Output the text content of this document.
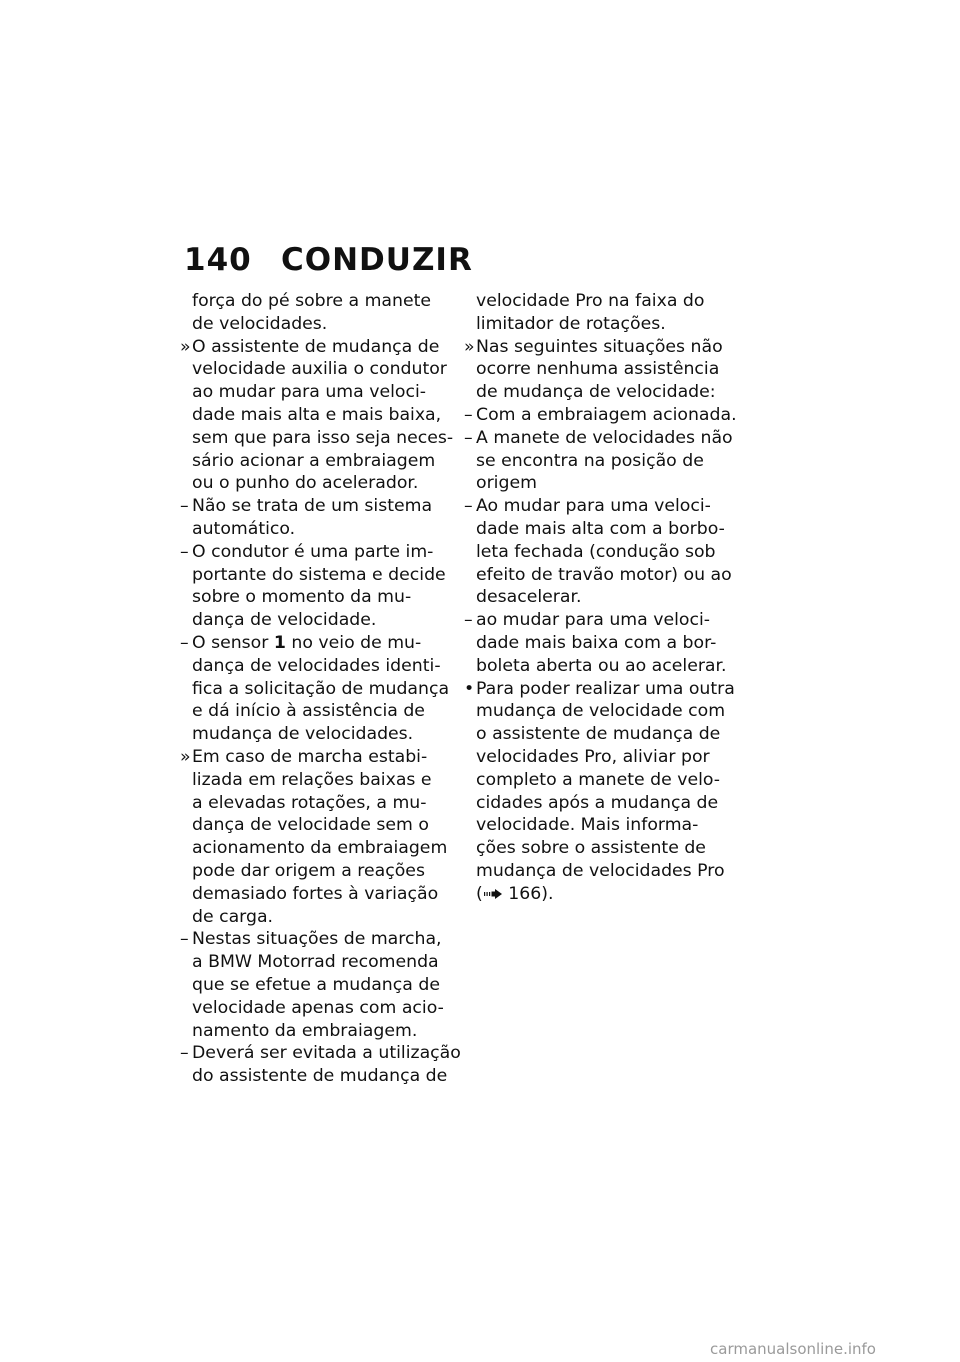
140 CONDUZIR
força do pé sobre a manete
de velocidades.
» O assistente de mudança de
velocidade auxilia o condutor
ao mudar para uma veloci-
dade mais alta e mais baixa,
sem que para isso seja neces-
sário acionar a embraiagem
ou o punho do acelerador.
– Não se trata de um sistema
automático.
– O condutor é uma parte im-
portante do sistema e decide
sobre o momento da mu-
dança de velocidade.
– O sensor 1 no veio de mu-
dança de velocidades identi-
fica a solicitação de mudança
e dá início à assistência de
mudança de velocidades.
» Em caso de marcha estabi-
lizada em relações baixas e
a elevadas rotações, a mu-
dança de velocidade sem o
acionamento da embraiagem
pode dar origem a reações
demasiado fortes à variação
de carga.
– Nestas situações de marcha,
a BMW Motorrad recomenda
que se efetue a mudança de
velocidade apenas com acio-
namento da embraiagem.
– Deverá ser evitada a utilização
do assistente de mudança de
velocidade Pro na faixa do
limitador de rotações.
» Nas seguintes situações não
ocorre nenhuma assistência
de mudança de velocidade:
– Com a embraiagem acionada.
– A manete de velocidades não
se encontra na posição de
origem
– Ao mudar para uma veloci-
dade mais alta com a borbo-
leta fechada (condução sob
efeito de travão motor) ou ao
desacelerar.
– ao mudar para uma veloci-
dade mais baixa com a bor-
boleta aberta ou ao acelerar.
• Para poder realizar uma outra
mudança de velocidade com
o assistente de mudança de
velocidades Pro, aliviar por
completo a manete de velo-
cidades após a mudança de
velocidade. Mais informa-
ções sobre o assistente de
mudança de velocidades Pro
( 166).
carmanualsonline.info
